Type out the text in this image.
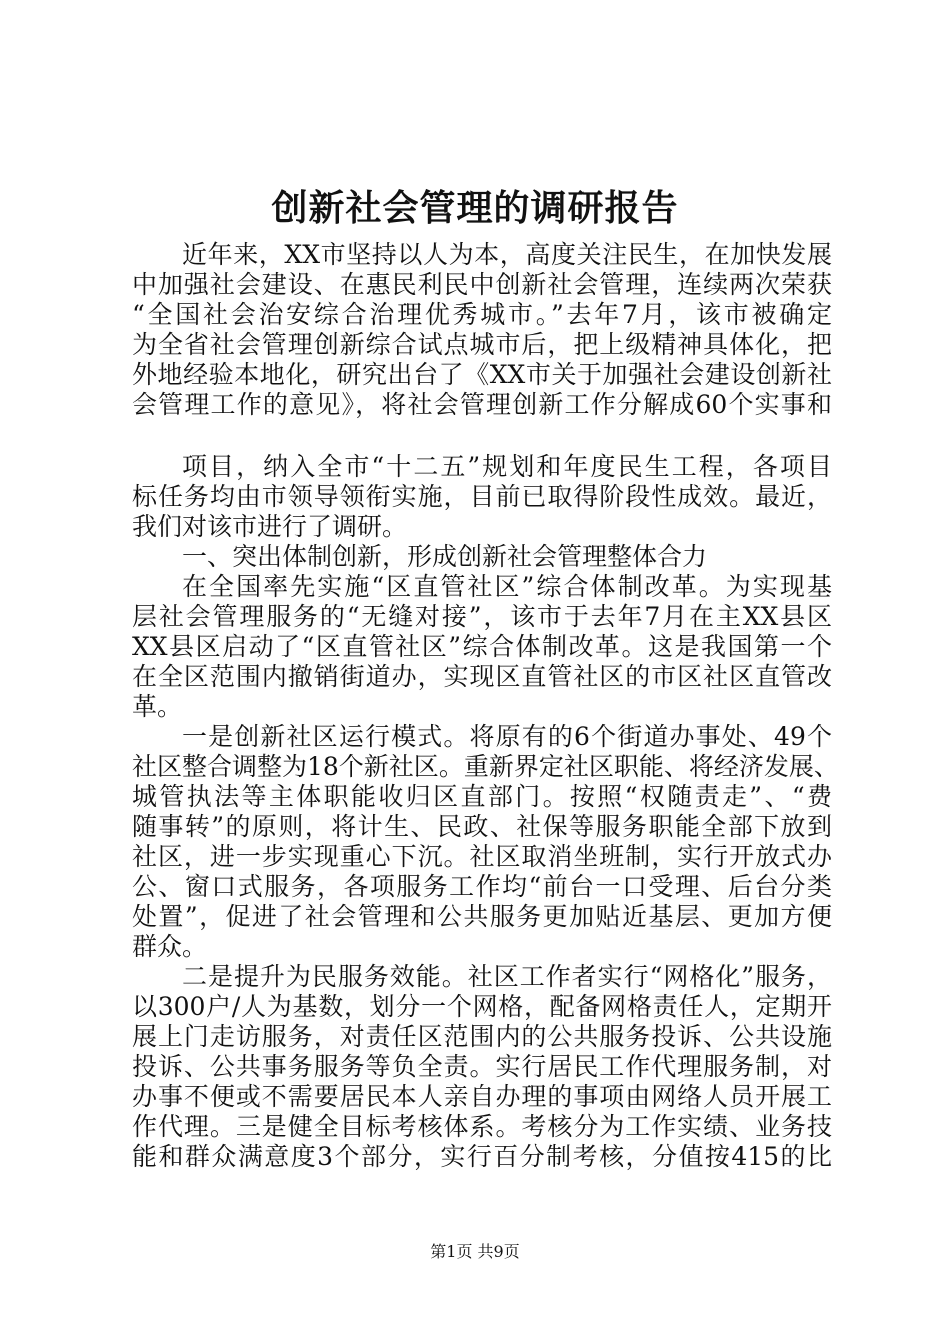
创新社会管理的调研报告

近年来，XX市坚持以人为本，高度关注民生，在加快发展

中加强社会建设、在惠民利民中创新社会管理，连续两次荣获

“全国社会治安综合治理优秀城市。”去年7月，该市被确定

为全省社会管理创新综合试点城市后，把上级精神具体化，把

外地经验本地化，研究出台了《XX市关于加强社会建设创新社

会管理工作的意见》，将社会管理创新工作分解成60个实事和

项目，纳入全市“十二五”规划和年度民生工程，各项目

标任务均由市领导领衔实施，目前已取得阶段性成效。最近，

我们对该市进行了调研。

一、突出体制创新，形成创新社会管理整体合力

在全国率先实施“区直管社区”综合体制改革。为实现基

层社会管理服务的“无缝对接”，该市于去年7月在主XX县区

XX县区启动了“区直管社区”综合体制改革。这是我国第一个

在全区范围内撤销街道办，实现区直管社区的市区社区直管改

革。

一是创新社区运行模式。将原有的6个街道办事处、49个

社区整合调整为18个新社区。重新界定社区职能、将经济发展、

城管执法等主体职能收归区直部门。按照“权随责走”、“费

随事转”的原则，将计生、民政、社保等服务职能全部下放到

社区，进一步实现重心下沉。社区取消坐班制，实行开放式办

公、窗口式服务，各项服务工作均“前台一口受理、后台分类

处置”，促进了社会管理和公共服务更加贴近基层、更加方便

群众。

二是提升为民服务效能。社区工作者实行“网格化”服务，

以300户/人为基数，划分一个网格，配备网格责任人，定期开

展上门走访服务，对责任区范围内的公共服务投诉、公共设施

投诉、公共事务服务等负全责。实行居民工作代理服务制，对

办事不便或不需要居民本人亲自办理的事项由网络人员开展工

作代理。三是健全目标考核体系。考核分为工作实绩、业务技

能和群众满意度3个部分，实行百分制考核，分值按415的比

第1页 共9页
